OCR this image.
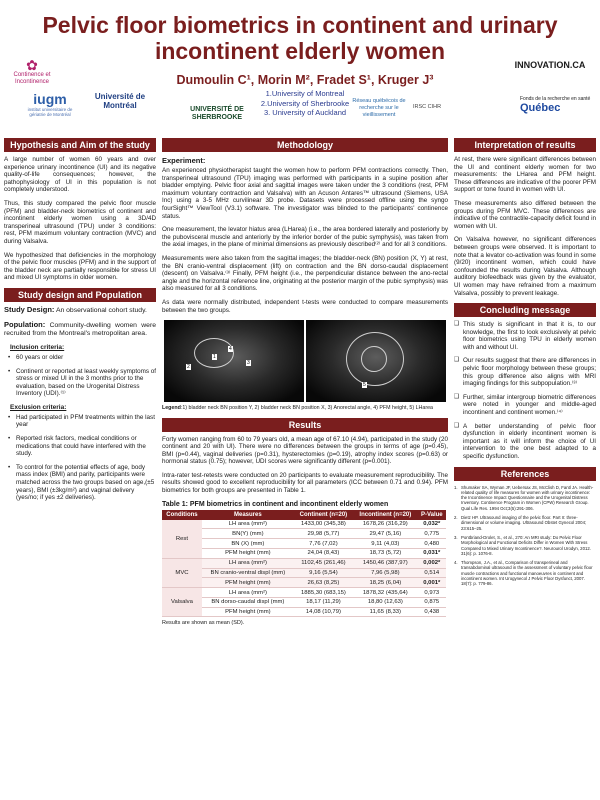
Pelvic floor biometrics in continent and urinary incontinent elderly women
✿
Continence et Incontinence
iugm
institut universitaire de gériatrie de Montréal
Université de Montréal	UNIVERSITÉ DE SHERBROOKE
Dumoulin C¹, Morin M², Fradet S¹, Kruger J³
1.University of Montreal
2.University of Sherbrooke
3. University of Auckland
Réseau québécois de recherche sur le vieillissement
IRSC CIHR
INNOVATION.CA
Fonds de la recherche en santé
Québec
Hypothesis and Aim of the study

A large number of women 60 years and over experience urinary incontinence (UI) and its negative quality-of-life consequences; however, the pathophysiology of UI in this population is not completely understood.

Thus, this study compared the pelvic floor muscle (PFM) and bladder-neck biometrics of continent and incontinent elderly women using a 3D/4D transperineal ultrasound (TPU) under 3 conditions: rest, PFM maximum voluntary contraction (MVC) and during Valsalva.

We hypothesized that deficiencies in the morphology of the pelvic floor muscles (PFM) and in the support of the bladder neck are partially responsible for stress UI and mixed UI symptoms in older women.

Study design and Population

Study Design: An observational cohort study.

Population: Community-dwelling women were recruited from the Montreal's metropolitan area.

Inclusion criteria:
• 60 years or older
• Continent or reported at least weekly symptoms of stress or mixed UI in the 3 months prior to the evaluation, based on the Urogenital Distress Inventory (UDI).⁽¹⁾
Exclusion criteria:
• Had participated in PFM treatments within the last year
• Reported risk factors, medical conditions or medications that could have interfered with the study.
• To control for the potential effects of age, body mass index (BMI) and parity, participants were matched across the two groups based on age,(±5 years), BMI (±3kg/m²) and vaginal delivery (yes/no; if yes ±2 deliveries).
Methodology
Experiment:

An experienced physiotherapist taught the women how to perform PFM contractions correctly. Then, transperineal ultrasound (TPU) imaging was performed with participants in a supine position after bladder emptying. Pelvic floor axial and sagittal images were taken under the 3 conditions (rest, PFM maximum voluntary contraction and Valsalva) with an Acuson Antares™ ultrasound (Siemens, USA Inc) using a 3-5 MHz curvilinear 3D probe. Datasets were processed offline using the syngo fourSight™ ViewTool (V3.1) software. The investigator was blinded to the participants' continence status.

One measurement, the levator hiatus area (LHarea) (i.e., the area bordered laterally and posteriorly by the pubovisceral muscle and anteriorly by the inferior border of the pubic symphysis), was taken from the axial images, in the plane of minimal dimensions as previously described⁽²⁾ and for all 3 conditions.

Measurements were also taken from the sagittal images; the bladder-neck (BN) position (X, Y) at rest, the BN cranio-ventral displacement (lift) on contraction and the BN dorso-caudal displacement (descent) on Valsalva.⁽³⁾ Finally, PFM height (i.e., the perpendicular distance between the ano-rectal angle and the horizontal reference line, originating at the posterior margin of the pubic symphysis) was also measured for all 3 conditions.

As data were normally distributed, independent t-tests were conducted to compare measurements between the two groups.

1
2
3
4
5

Legend:1) bladder neck BN position Y, 2) bladder neck BN position X, 3) Anorectal angle, 4) PFM height, 5) LHarea

Results

Forty women ranging from 60 to 79 years old, a mean age of 67.10 (4.94), participated in the study (20 continent and 20 with UI). There were no differences between the groups in terms of age (p=0.45), BMI (p=0.44), vaginal deliveries (p=0.31), hysterectomies (p=0.19), atrophy index scores (p=0.63) or hormonal status (0.75); however, UDI scores were significantly different (p=0.001).

Intra-rater test-retests were conducted on 20 participants to evaluate measurement reproducibility. The results showed good to excellent reproducibility for all parameters (ICC between 0.71 and 0.94). PFM biometrics for both groups are presented in Table 1.

Table 1: PFM biometrics in continent and incontinent elderly women
Conditions	Measures	Continent (n=20)	Incontinent (n=20)	P-Value
Rest	LH area (mm²)	1433,00 (345,38)	1678,26 (316,29)	0,032*
	BN(Y) (mm)	29,98 (5,77)	29,47 (5,16)	0,775
	BN (X) (mm)	7,76 (7,02)	9,11 (4,03)	0,480
	PFM height (mm)	24,04 (8,43)	18,73 (5,72)	0,031*
MVC	LH area (mm²)	1102,45 (261,46)	1450,46 (387,97)	0,002*
	BN cranio-ventral displ (mm)	9,16 (5,54)	7,96 (5,98)	0,514
	PFM height (mm)	26,63 (8,25)	18,25 (6,04)	0,001*
Valsalva	LH area (mm²)	1885,30 (683,15)	1878,32 (435,64)	0,973
	BN dorso-caudal displ (mm)	18,17 (11,29)	18,80 (12,63)	0,875
	PFM height (mm)	14,08 (10,79)	11,65 (8,33)	0,438

Results are shown as mean (SD).

Interpretation of results

At rest, there were significant differences between the UI and continent elderly women for two measurements: the LHarea and PFM height. These differences are indicative of the poorer PFM support or tone found in women with UI.

These measurements also differed between the groups during PFM MVC. These differences are indicative of the contractile-capacity deficit found in women with UI.

On Valsalva however, no significant differences between groups were observed. It is important to note that a levator co-activation was found in some (9/20) incontinent women, which could have confounded the results during Valsalva. Although auditory biofeedback was given by the evaluator, UI women may have refrained from a maximum Valsalva, possibly to prevent leakage.

Concluding message
❑ This study is significant in that it is, to our knowledge, the first to look exclusively at pelvic floor biometrics using TPU in elderly women with and without UI.
❑ Our results suggest that there are differences in pelvic floor morphology between these groups; this group difference also aligns with MRI imaging findings for this subpopulation.⁽³⁾
❑ Further, similar intergroup biometric differences were noted in younger and middle-aged incontinent and continent women.⁽⁴⁾
❑ A better understanding of pelvic floor dysfunction in elderly incontinent women is important as it will inform the choice of UI intervention to the one best adapted to a specific dysfunction.
References
1. Shumaker SA, Wyman JF, Uebersax JS, McClish D, Fantl JA. Health-related quality of life measures for women with urinary incontinence: the Incontinence Impact Questionnaire and the Urogenital Distress Inventory. Continence Program in Women (CPW) Research Group. Qual Life Res. 1994 Oct;3(5):291-306.
2. Dietz HP. Ultrasound imaging of the pelvic floor. Part II: three-dimensional or volume imaging. Ultrasound Obstet Gynecol 2004; 23:615–25.
3. Pontbriand-Drolet, S., et al., 270: An MRI study: Do Pelvic Floor Morphological and Functional Deficits Differ in Women With Stress Compared to Mixed Urinary Incontinence?. Neurourol Urodyn, 2012. 31(6): p. 1076-8.
4. Thompson, J.A., et al., Comparison of transperineal and transabdominal ultrasound in the assessment of voluntary pelvic floor muscle contractions and functional manoeuvres in continent and incontinent women. Int Urogynecol J Pelvic Floor Dysfunct, 2007. 18(7): p. 779-86.
